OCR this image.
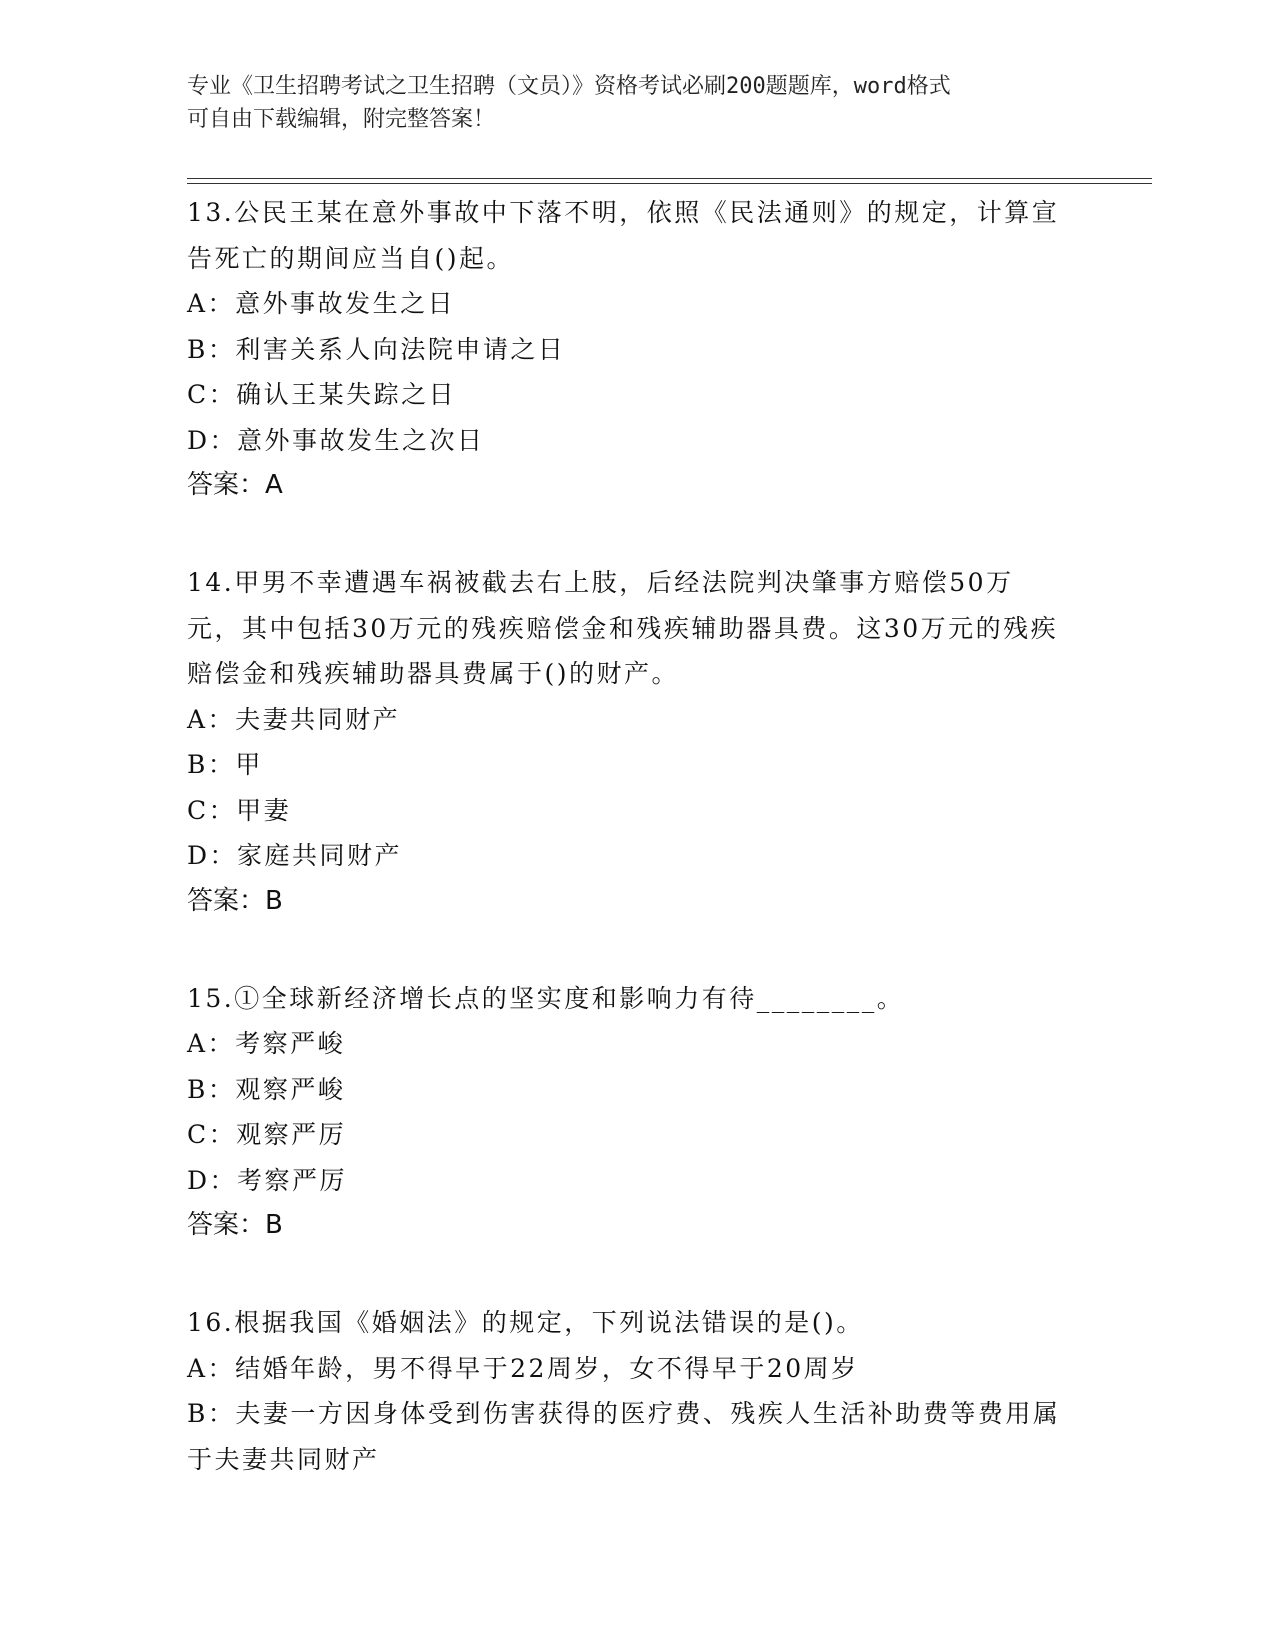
专业《卫生招聘考试之卫生招聘（文员）》资格考试必刷200题题库，word格式
可自由下载编辑，附完整答案！
13.公民王某在意外事故中下落不明，依照《民法通则》的规定，计算宣告死亡的期间应当自()起。
A：意外事故发生之日
B：利害关系人向法院申请之日
C：确认王某失踪之日
D：意外事故发生之次日
答案：A
14.甲男不幸遭遇车祸被截去右上肢，后经法院判决肇事方赔偿50万元，其中包括30万元的残疾赔偿金和残疾辅助器具费。这30万元的残疾赔偿金和残疾辅助器具费属于()的财产。
A：夫妻共同财产
B：甲
C：甲妻
D：家庭共同财产
答案：B
15.①全球新经济增长点的坚实度和影响力有待________。
A：考察严峻
B：观察严峻
C：观察严厉
D：考察严厉
答案：B
16.根据我国《婚姻法》的规定，下列说法错误的是()。
A：结婚年龄，男不得早于22周岁，女不得早于20周岁
B：夫妻一方因身体受到伤害获得的医疗费、残疾人生活补助费等费用属于夫妻共同财产
